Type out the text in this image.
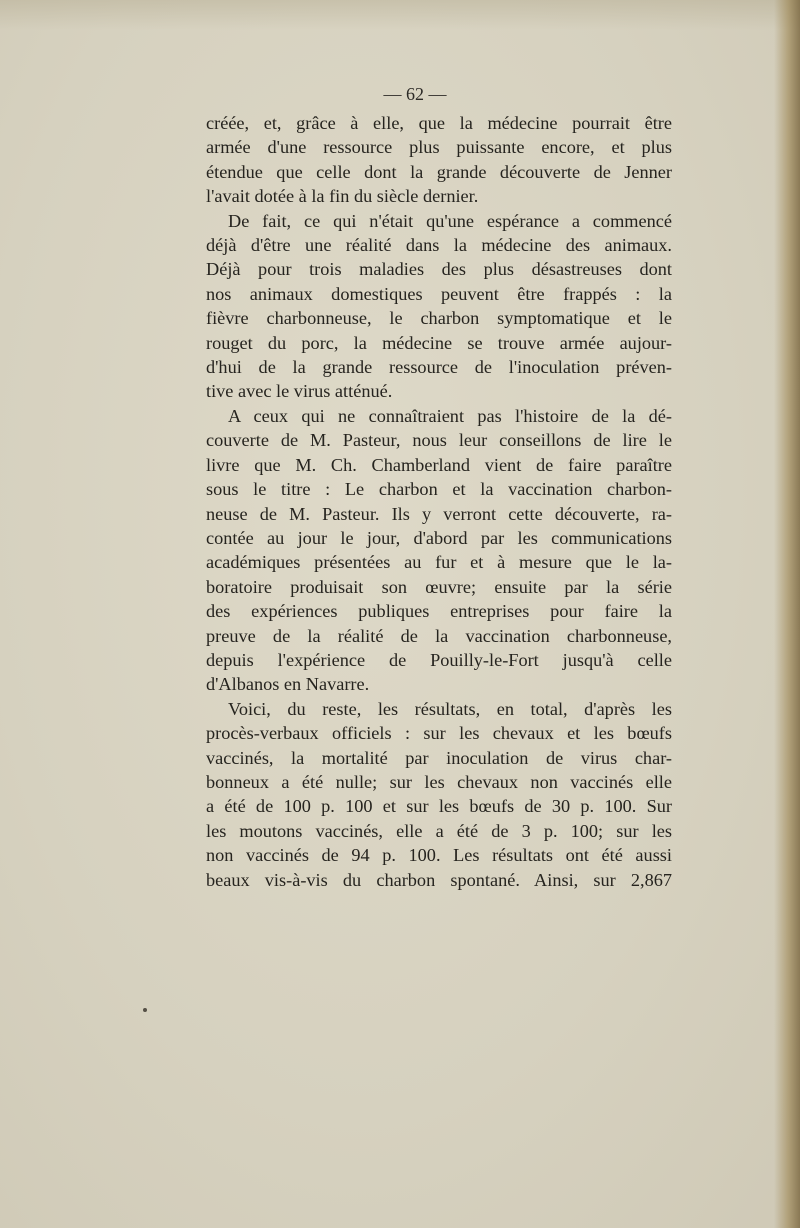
— 62 —
créée, et, grâce à elle, que la médecine pourrait être
armée d'une ressource plus puissante encore, et plus
étendue que celle dont la grande découverte de Jenner
l'avait dotée à la fin du siècle dernier.
De fait, ce qui n'était qu'une espérance a commencé
déjà d'être une réalité dans la médecine des animaux.
Déjà pour trois maladies des plus désastreuses dont
nos animaux domestiques peuvent être frappés : la
fièvre charbonneuse, le charbon symptomatique et le
rouget du porc, la médecine se trouve armée aujour-
d'hui de la grande ressource de l'inoculation préven-
tive avec le virus atténué.
A ceux qui ne connaîtraient pas l'histoire de la dé-
couverte de M. Pasteur, nous leur conseillons de lire le
livre que M. Ch. Chamberland vient de faire paraître
sous le titre : Le charbon et la vaccination charbon-
neuse de M. Pasteur. Ils y verront cette découverte, ra-
contée au jour le jour, d'abord par les communications
académiques présentées au fur et à mesure que le la-
boratoire produisait son œuvre; ensuite par la série
des expériences publiques entreprises pour faire la
preuve de la réalité de la vaccination charbonneuse,
depuis l'expérience de Pouilly-le-Fort jusqu'à celle
d'Albanos en Navarre.
Voici, du reste, les résultats, en total, d'après les
procès-verbaux officiels : sur les chevaux et les bœufs
vaccinés, la mortalité par inoculation de virus char-
bonneux a été nulle; sur les chevaux non vaccinés elle
a été de 100 p. 100 et sur les bœufs de 30 p. 100. Sur
les moutons vaccinés, elle a été de 3 p. 100; sur les
non vaccinés de 94 p. 100. Les résultats ont été aussi
beaux vis-à-vis du charbon spontané. Ainsi, sur 2,867
